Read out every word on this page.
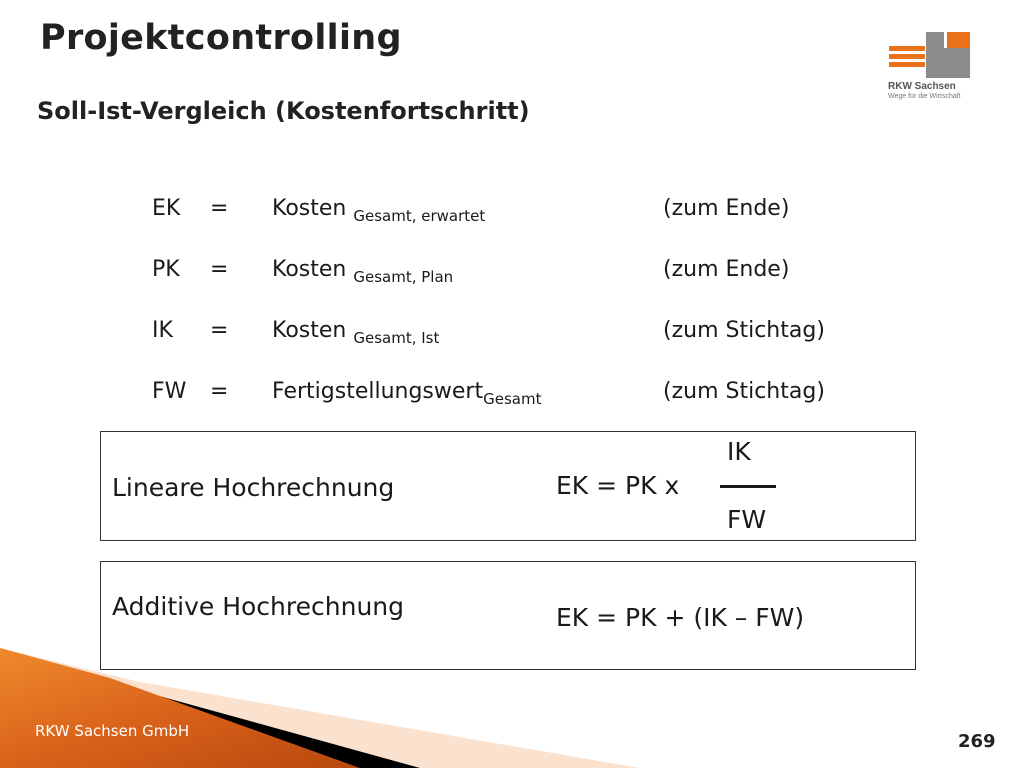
Projektcontrolling
Soll-Ist-Vergleich (Kostenfortschritt)
RKW Sachsen
Wege für die Wirtschaft
EK = Kosten $_{Gesamt, erwartet}$	(zum Ende)
PK = Kosten $_{Gesamt, Plan}$	(zum Ende)
IK = Kosten $_{Gesamt, Ist}$	(zum Stichtag)
FW = Fertigstellungswert$_{Gesamt}$	(zum Stichtag)
Lineare Hochrechnung	EK = PK x
IK
FW
Additive Hochrechnung	EK = PK + (IK – FW)
RKW Sachsen GmbH	269
